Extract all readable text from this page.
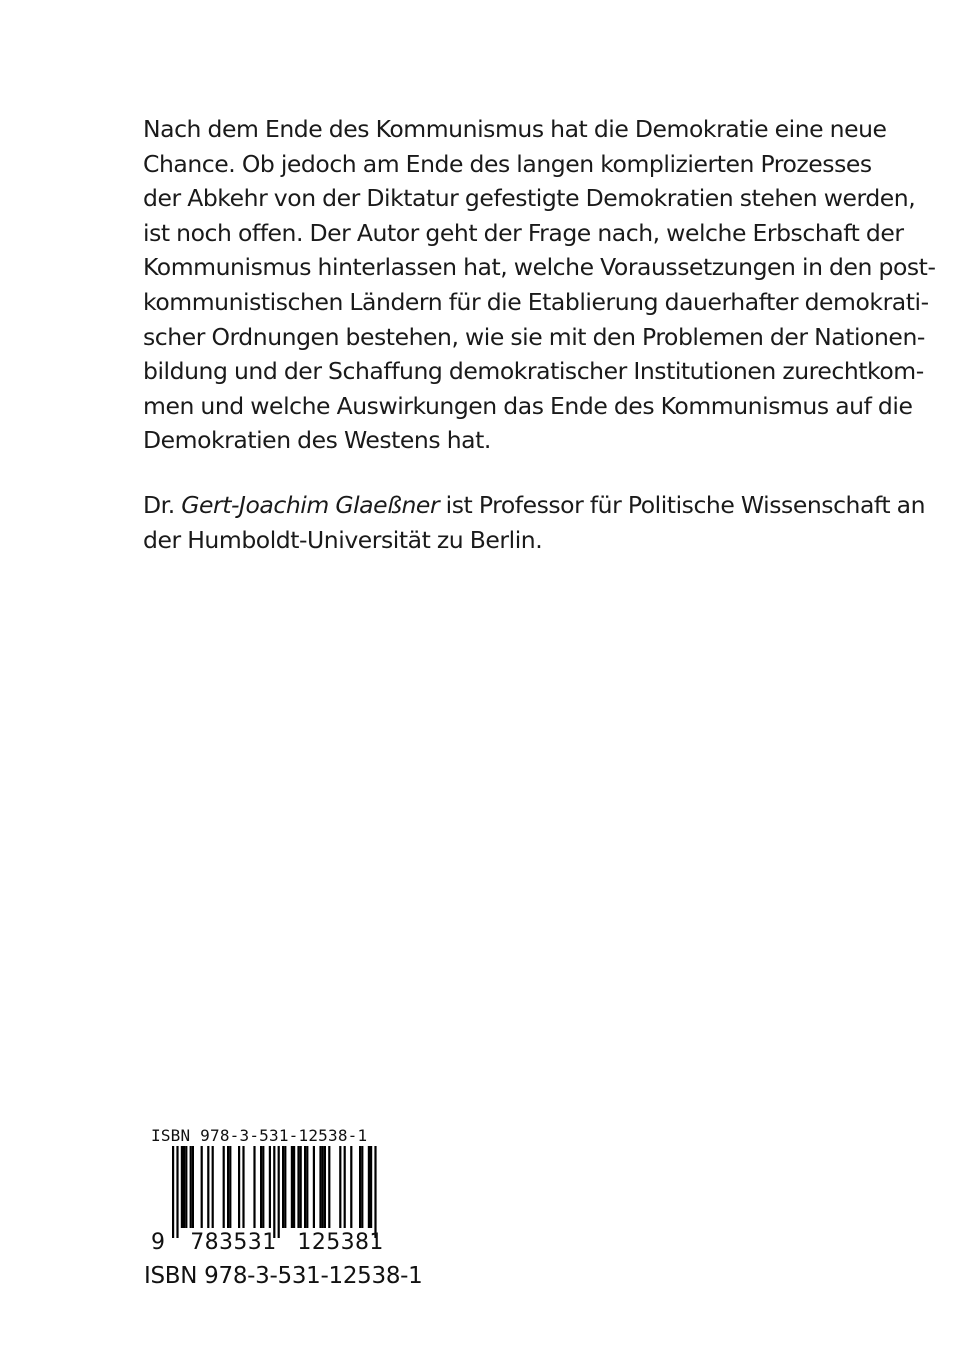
Nach dem Ende des Kommunismus hat die Demokratie eine neue
Chance. Ob jedoch am Ende des langen komplizierten Prozesses
der Abkehr von der Diktatur gefestigte Demokratien stehen werden,
ist noch offen. Der Autor geht der Frage nach, welche Erbschaft der
Kommunismus hinterlassen hat, welche Voraussetzungen in den post-
kommunistischen Ländern für die Etablierung dauerhafter demokrati-
scher Ordnungen bestehen, wie sie mit den Problemen der Nationen-
bildung und der Schaffung demokratischer Institutionen zurechtkom-
men und welche Auswirkungen das Ende des Kommunismus auf die
Demokratien des Westens hat.

Dr. Gert-Joachim Glaeßner ist Professor für Politische Wissenschaft an
der Humboldt-Universität zu Berlin.
ISBN 978-3-531-12538-1
9 783531 125381
ISBN 978-3-531-12538-1
